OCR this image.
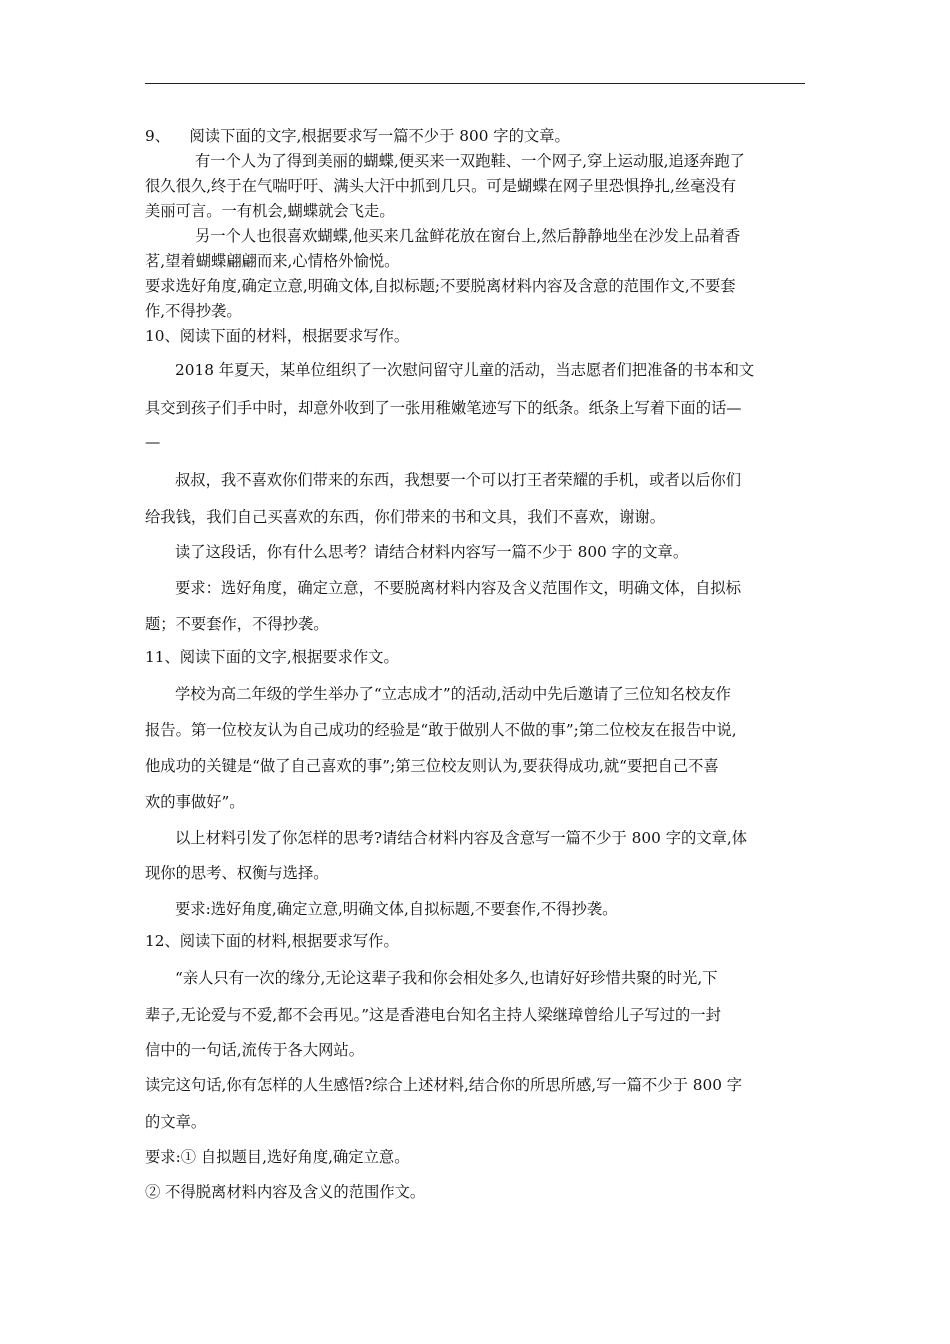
9、    阅读下面的文字,根据要求写一篇不少于 800 字的文章。
有一个人为了得到美丽的蝴蝶,便买来一双跑鞋、一个网子,穿上运动服,追逐奔跑了
很久很久,终于在气喘吁吁、满头大汗中抓到几只。可是蝴蝶在网子里恐惧挣扎,丝毫没有
美丽可言。一有机会,蝴蝶就会飞走。
另一个人也很喜欢蝴蝶,他买来几盆鲜花放在窗台上,然后静静地坐在沙发上品着香
茗,望着蝴蝶翩翩而来,心情格外愉悦。
要求选好角度,确定立意,明确文体,自拟标题;不要脱离材料内容及含意的范围作文,不要套
作,不得抄袭。
10、阅读下面的材料，根据要求写作。
2018 年夏天，某单位组织了一次慰问留守儿童的活动，当志愿者们把准备的书本和文
具交到孩子们手中时，却意外收到了一张用稚嫩笔迹写下的纸条。纸条上写着下面的话—
—
叔叔，我不喜欢你们带来的东西，我想要一个可以打王者荣耀的手机，或者以后你们
给我钱，我们自己买喜欢的东西，你们带来的书和文具，我们不喜欢，谢谢。
读了这段话，你有什么思考？请结合材料内容写一篇不少于 800 字的文章。
要求：选好角度，确定立意，不要脱离材料内容及含义范围作文，明确文体，自拟标
题；不要套作，不得抄袭。
11、阅读下面的文字,根据要求作文。
学校为高二年级的学生举办了“立志成才”的活动,活动中先后邀请了三位知名校友作
报告。第一位校友认为自己成功的经验是“敢于做别人不做的事”;第二位校友在报告中说,
他成功的关键是“做了自己喜欢的事”;第三位校友则认为,要获得成功,就“要把自己不喜
欢的事做好”。
以上材料引发了你怎样的思考?请结合材料内容及含意写一篇不少于 800 字的文章,体
现你的思考、权衡与选择。
要求:选好角度,确定立意,明确文体,自拟标题,不要套作,不得抄袭。
12、阅读下面的材料,根据要求写作。
“亲人只有一次的缘分,无论这辈子我和你会相处多久,也请好好珍惜共聚的时光,下
辈子,无论爱与不爱,都不会再见。”这是香港电台知名主持人梁继璋曾给儿子写过的一封
信中的一句话,流传于各大网站。
读完这句话,你有怎样的人生感悟?综合上述材料,结合你的所思所感,写一篇不少于 800 字
的文章。
要求:① 自拟题目,选好角度,确定立意。
② 不得脱离材料内容及含义的范围作文。
